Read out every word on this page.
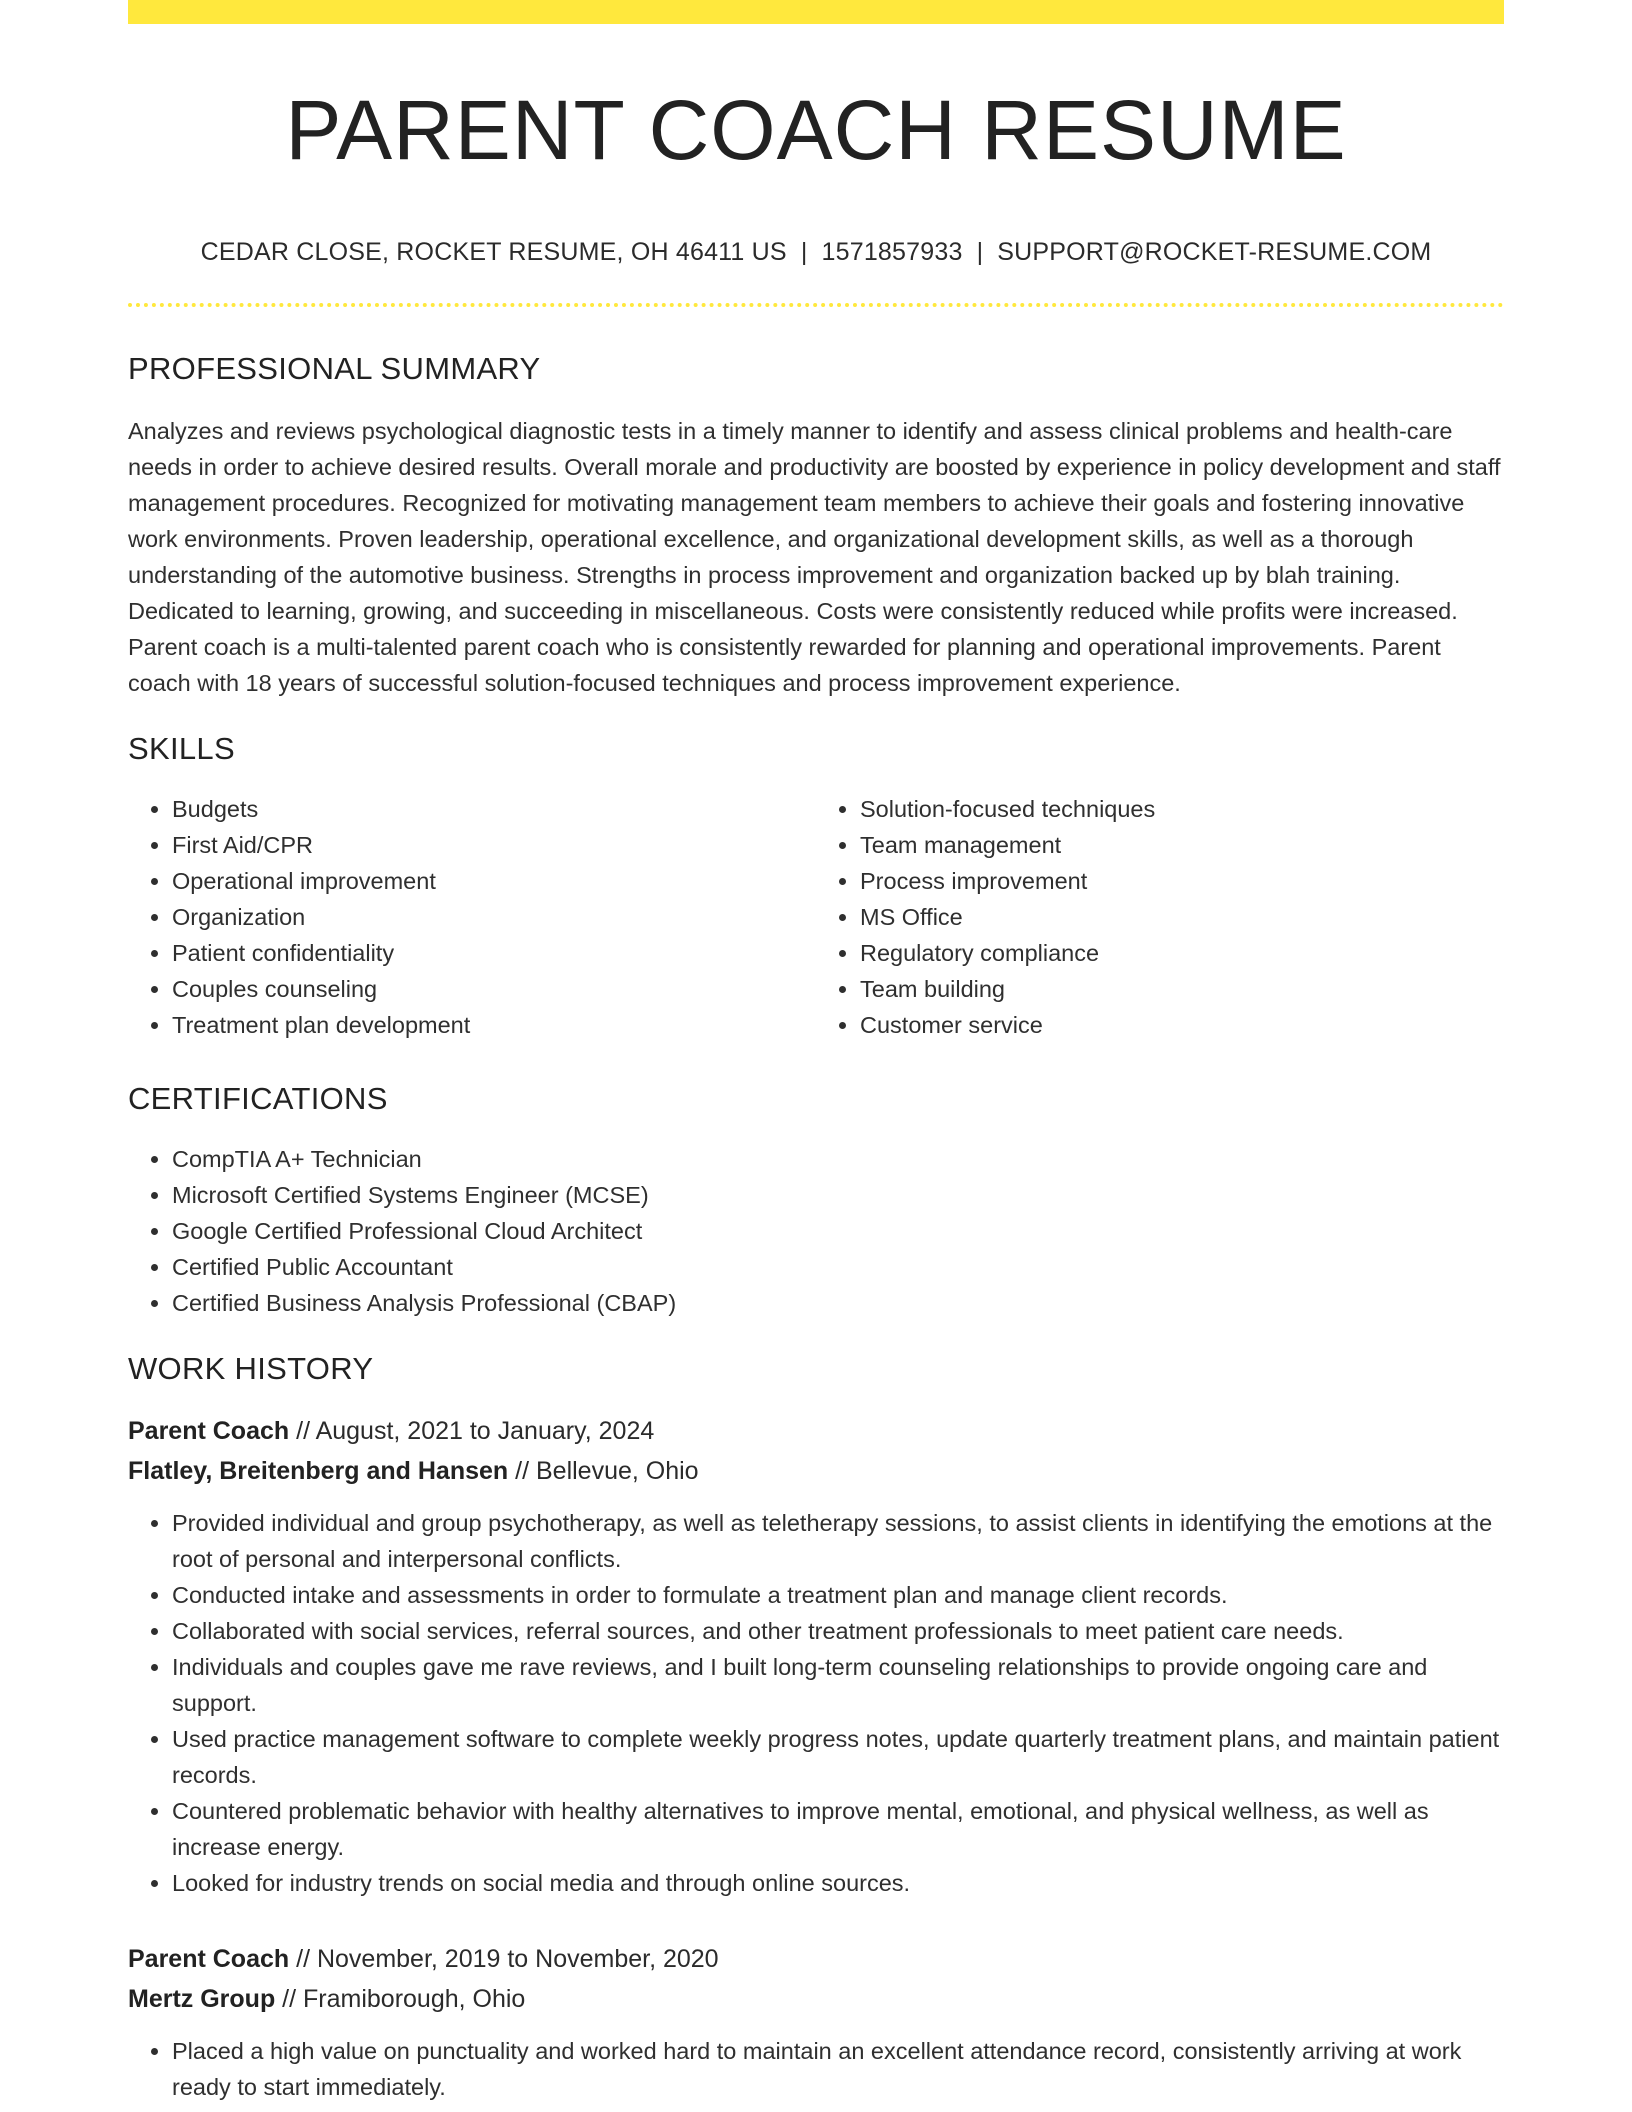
PARENT COACH RESUME
CEDAR CLOSE, ROCKET RESUME, OH 46411 US | 1571857933 | SUPPORT@ROCKET-RESUME.COM
PROFESSIONAL SUMMARY

Analyzes and reviews psychological diagnostic tests in a timely manner to identify and assess clinical problems and health-care needs in order to achieve desired results. Overall morale and productivity are boosted by experience in policy development and staff management procedures. Recognized for motivating management team members to achieve their goals and fostering innovative work environments. Proven leadership, operational excellence, and organizational development skills, as well as a thorough understanding of the automotive business. Strengths in process improvement and organization backed up by blah training. Dedicated to learning, growing, and succeeding in miscellaneous. Costs were consistently reduced while profits were increased. Parent coach is a multi-talented parent coach who is consistently rewarded for planning and operational improvements. Parent coach with 18 years of successful solution-focused techniques and process improvement experience.

SKILLS
• Budgets
• First Aid/CPR
• Operational improvement
• Organization
• Patient confidentiality
• Couples counseling
• Treatment plan development
• Solution-focused techniques
• Team management
• Process improvement
• MS Office
• Regulatory compliance
• Team building
• Customer service
CERTIFICATIONS
• CompTIA A+ Technician
• Microsoft Certified Systems Engineer (MCSE)
• Google Certified Professional Cloud Architect
• Certified Public Accountant
• Certified Business Analysis Professional (CBAP)
WORK HISTORY
Parent Coach // August, 2021 to January, 2024
Flatley, Breitenberg and Hansen // Bellevue, Ohio
• Provided individual and group psychotherapy, as well as teletherapy sessions, to assist clients in identifying the emotions at the root of personal and interpersonal conflicts.
• Conducted intake and assessments in order to formulate a treatment plan and manage client records.
• Collaborated with social services, referral sources, and other treatment professionals to meet patient care needs.
• Individuals and couples gave me rave reviews, and I built long-term counseling relationships to provide ongoing care and support.
• Used practice management software to complete weekly progress notes, update quarterly treatment plans, and maintain patient records.
• Countered problematic behavior with healthy alternatives to improve mental, emotional, and physical wellness, as well as increase energy.
• Looked for industry trends on social media and through online sources.
Parent Coach // November, 2019 to November, 2020
Mertz Group // Framiborough, Ohio
• Placed a high value on punctuality and worked hard to maintain an excellent attendance record, consistently arriving at work ready to start immediately.
